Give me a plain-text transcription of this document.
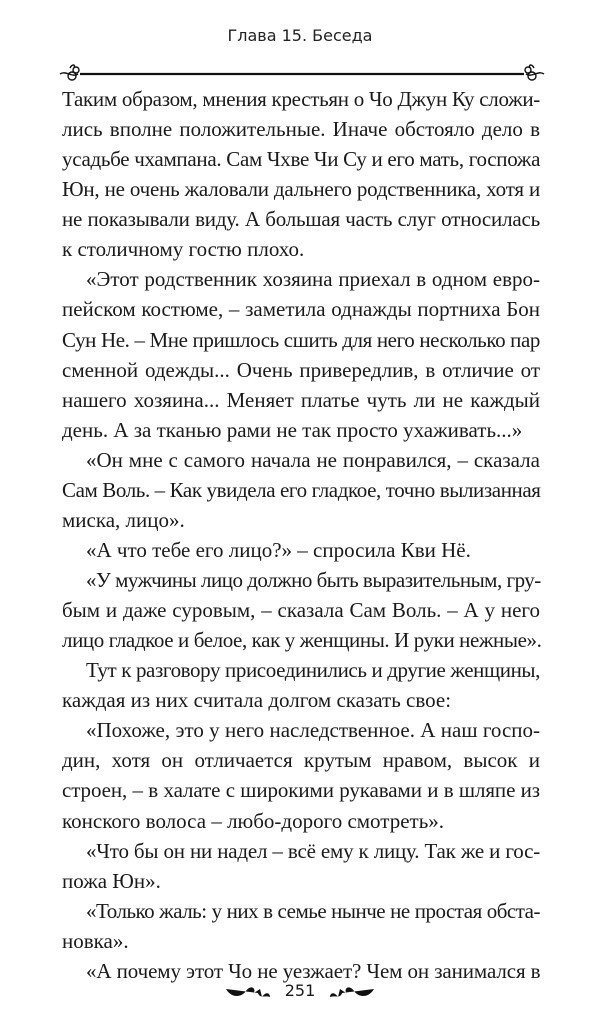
Глава 15. Беседа
Таким образом, мнения крестьян о Чо Джун Ку сложи-
лись вполне положительные. Иначе обстояло дело в
усадьбе чхампана. Сам Чхве Чи Су и его мать, госпожа
Юн, не очень жаловали дальнего родственника, хотя и
не показывали виду. А большая часть слуг относилась
к столичному гостю плохо.
«Этот родственник хозяина приехал в одном евро-
пейском костюме, – заметила однажды портниха Бон
Сун Не. – Мне пришлось сшить для него несколько пар
сменной одежды... Очень привередлив, в отличие от
нашего хозяина... Меняет платье чуть ли не каждый
день. А за тканью рами не так просто ухаживать...»
«Он мне с самого начала не понравился, – сказала
Сам Воль. – Как увидела его гладкое, точно вылизанная
миска, лицо».
«А что тебе его лицо?» – спросила Кви Нё.
«У мужчины лицо должно быть выразительным, гру-
бым и даже суровым, – сказала Сам Воль. – А у него
лицо гладкое и белое, как у женщины. И руки нежные».
Тут к разговору присоединились и другие женщины,
каждая из них считала долгом сказать свое:
«Похоже, это у него наследственное. А наш госпо-
дин, хотя он отличается крутым нравом, высок и
строен, – в халате с широкими рукавами и в шляпе из
конского волоса – любо-дорого смотреть».
«Что бы он ни надел – всё ему к лицу. Так же и гос-
пожа Юн».
«Только жаль: у них в семье нынче не простая обста-
новка».
«А почему этот Чо не уезжает? Чем он занимался в
251
